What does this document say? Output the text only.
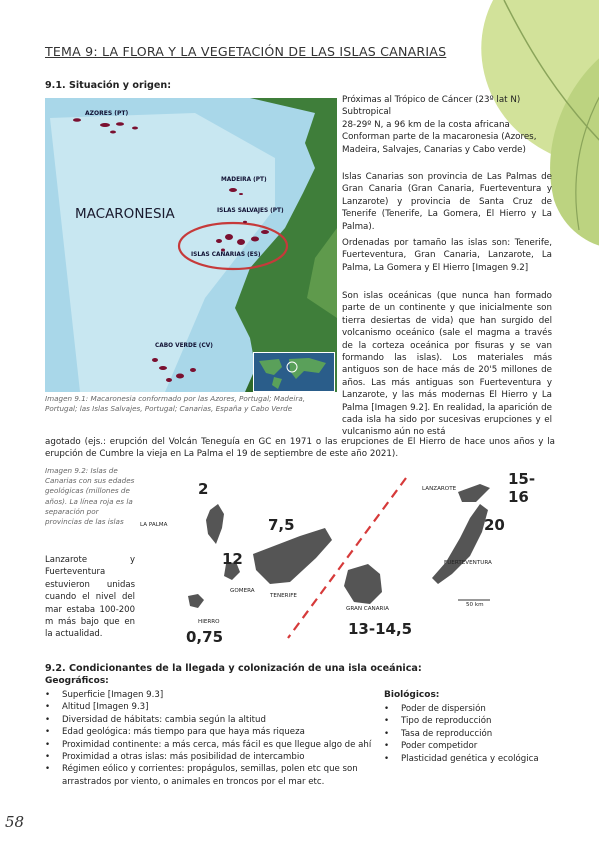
TEMA 9: LA FLORA Y LA VEGETACIÓN DE LAS ISLAS CANARIAS
9.1. Situación y origen:
AZORES (PT)
MACARONESIA
MADEIRA (PT)
ISLAS SALVAJES (PT)
ISLAS CANARIAS (ES)
CABO VERDE (CV)
Imagen 9.1: Macaronesia conformado por las Azores, Portugal; Madeira, Portugal; las Islas Salvajes, Portugal; Canarias, España y Cabo Verde
Próximas al Trópico de Cáncer (23º lat N) Subtropical
28-29º N, a 96 km de la costa africana
Conforman parte de la macaronesia (Azores, Madeira, Salvajes, Canarias y Cabo verde)
Islas Canarias son provincia de Las Palmas de Gran Canaria (Gran Canaria, Fuerteventura y Lanzarote) y provincia de Santa Cruz de Tenerife (Tenerife, La Gomera, El Hierro y La Palma).
Ordenadas por tamaño las islas son: Tenerife, Fuerteventura, Gran Canaria, Lanzarote, La Palma, La Gomera y El Hierro [Imagen 9.2]
Son islas oceánicas (que nunca han formado parte de un continente y que inicialmente son tierra desiertas de vida) que han surgido del volcanismo oceánico (sale el magma a través de la corteza oceánica por fisuras y se van formando las islas). Los materiales más antiguos son de hace más de 20'5 millones de años. Las más antiguas son Fuerteventura y Lanzarote, y las más modernas El Hierro y La Palma [Imagen 9.2]. En realidad, la aparición de cada isla ha sido por sucesivas erupciones y el vulcanismo aún no está
agotado (ejs.: erupción del Volcán Teneguía en GC en 1971 o las erupciones de El Hierro de hace unos años y la erupción de Cumbre la vieja en La Palma el 19 de septiembre de este año 2021).
Imagen 9.2: Islas de Canarias con sus edades geológicas (millones de años). La línea roja es la separación por provincias de las islas
Lanzarote y Fuerteventura estuvieron unidas cuando el nivel del mar estaba 100-200 m más bajo que en la actualidad.
LA PALMA
GOMERA
TENERIFE
HIERRO
GRAN CANARIA
LANZAROTE
FUERTEVENTURA
50 km
2
7,5
12
0,75	13-14,5
15-16
20
9.2. Condicionantes de la llegada y colonización de una isla oceánica:
Geográficos:
• Superficie [Imagen 9.3]
• Altitud [Imagen 9.3]
• Diversidad de hábitats: cambia según la altitud
• Edad geológica: más tiempo para que haya más riqueza
• Proximidad continente: a más cerca, más fácil es que llegue algo de ahí
• Proximidad a otras islas: más posibilidad de intercambio
• Régimen eólico y corrientes: propágulos, semillas, polen etc que son arrastrados por viento, o animales en troncos por el mar etc.
Biológicos:
• Poder de dispersión
• Tipo de reproducción
• Tasa de reproducción
• Poder competidor
• Plasticidad genética y ecológica
58
